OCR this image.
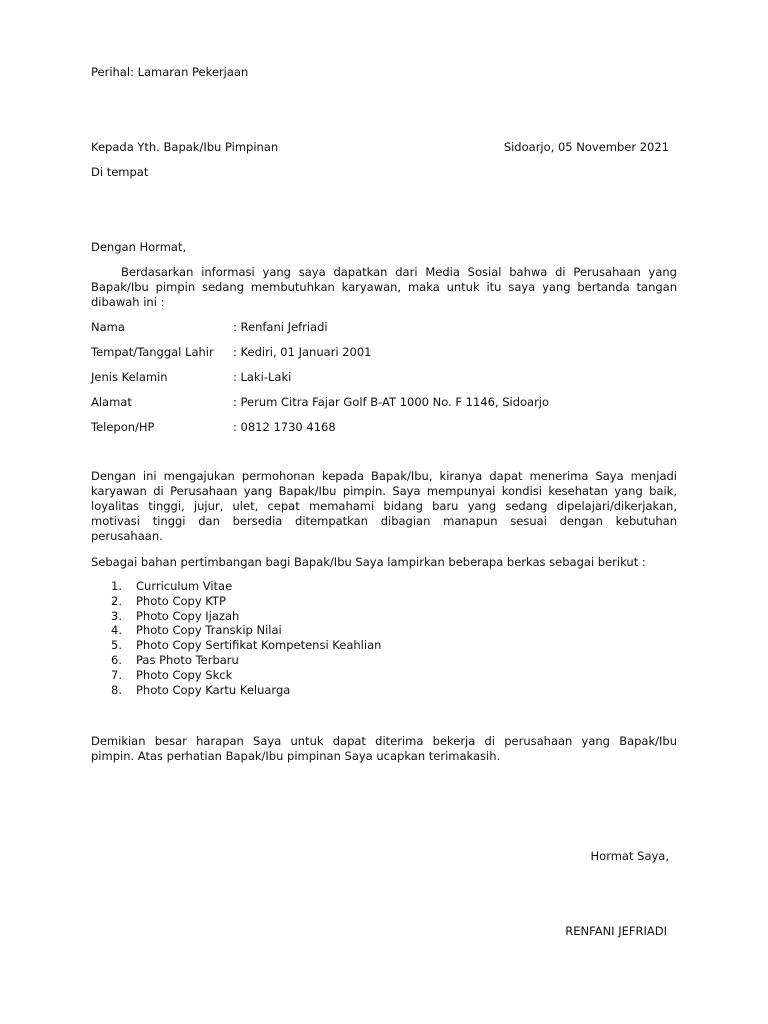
Perihal: Lamaran Pekerjaan
Kepada Yth. Bapak/Ibu Pimpinan	Sidoarjo, 05 November 2021
Di tempat
Dengan Hormat,
Berdasarkan informasi yang saya dapatkan dari Media Sosial bahwa di Perusahaan yang
Bapak/Ibu pimpin sedang membutuhkan karyawan, maka untuk itu saya yang bertanda tangan
dibawah ini :
Nama	: Renfani Jefriadi
Tempat/Tanggal Lahir	: Kediri, 01 Januari 2001
Jenis Kelamin	: Laki-Laki
Alamat	: Perum Citra Fajar Golf B-AT 1000 No. F 1146, Sidoarjo
Telepon/HP	: 0812 1730 4168
Dengan ini mengajukan permohonan kepada Bapak/Ibu, kiranya dapat menerima Saya menjadi
karyawan di Perusahaan yang Bapak/Ibu pimpin. Saya mempunyai kondisi kesehatan yang baik,
loyalitas tinggi, jujur, ulet, cepat memahami bidang baru yang sedang dipelajari/dikerjakan,
motivasi tinggi dan bersedia ditempatkan dibagian manapun sesuai dengan kebutuhan
perusahaan.
Sebagai bahan pertimbangan bagi Bapak/Ibu Saya lampirkan beberapa berkas sebagai berikut :
1.	Curriculum Vitae
2.	Photo Copy KTP
3.	Photo Copy Ijazah
4.	Photo Copy Transkip Nilai
5.	Photo Copy Sertifikat Kompetensi Keahlian
6.	Pas Photo Terbaru
7.	Photo Copy Skck
8.	Photo Copy Kartu Keluarga
Demikian besar harapan Saya untuk dapat diterima bekerja di perusahaan yang Bapak/Ibu
pimpin. Atas perhatian Bapak/Ibu pimpinan Saya ucapkan terimakasih.
Hormat Saya,
RENFANI JEFRIADI
